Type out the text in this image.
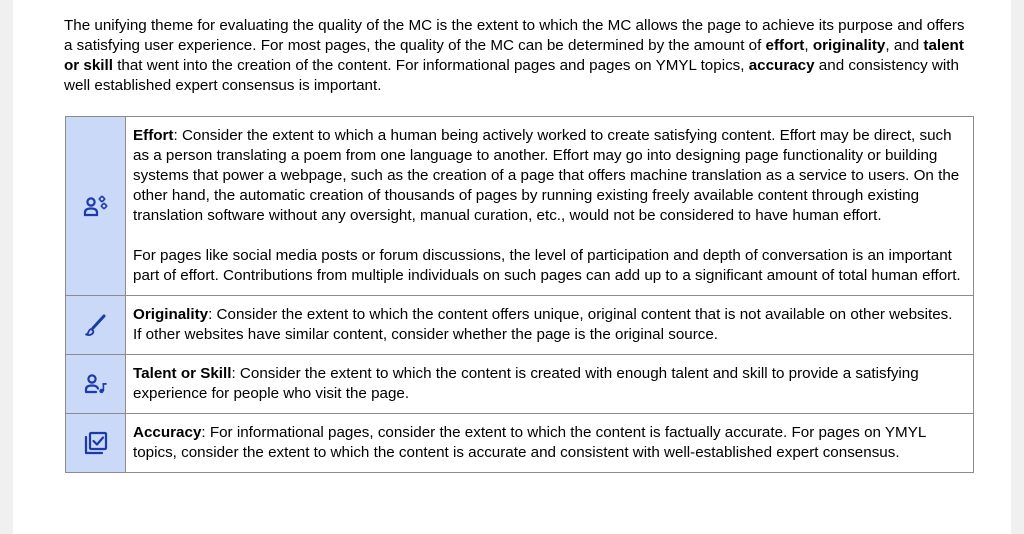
The unifying theme for evaluating the quality of the MC is the extent to which the MC allows the page to achieve its purpose and offers a satisfying user experience. For most pages, the quality of the MC can be determined by the amount of effort, originality, and talent or skill that went into the creation of the content. For informational pages and pages on YMYL topics, accuracy and consistency with well established expert consensus is important.

Effort: Consider the extent to which a human being actively worked to create satisfying content. Effort may be direct, such as a person translating a poem from one language to another. Effort may go into designing page functionality or building systems that power a webpage, such as the creation of a page that offers machine translation as a service to users. On the other hand, the automatic creation of thousands of pages by running existing freely available content through existing translation software without any oversight, manual curation, etc., would not be considered to have human effort.

For pages like social media posts or forum discussions, the level of participation and depth of conversation is an important part of effort. Contributions from multiple individuals on such pages can add up to a significant amount of total human effort.

Originality: Consider the extent to which the content offers unique, original content that is not available on other websites. If other websites have similar content, consider whether the page is the original source.

Talent or Skill: Consider the extent to which the content is created with enough talent and skill to provide a satisfying experience for people who visit the page.

Accuracy: For informational pages, consider the extent to which the content is factually accurate. For pages on YMYL topics, consider the extent to which the content is accurate and consistent with well-established expert consensus.
